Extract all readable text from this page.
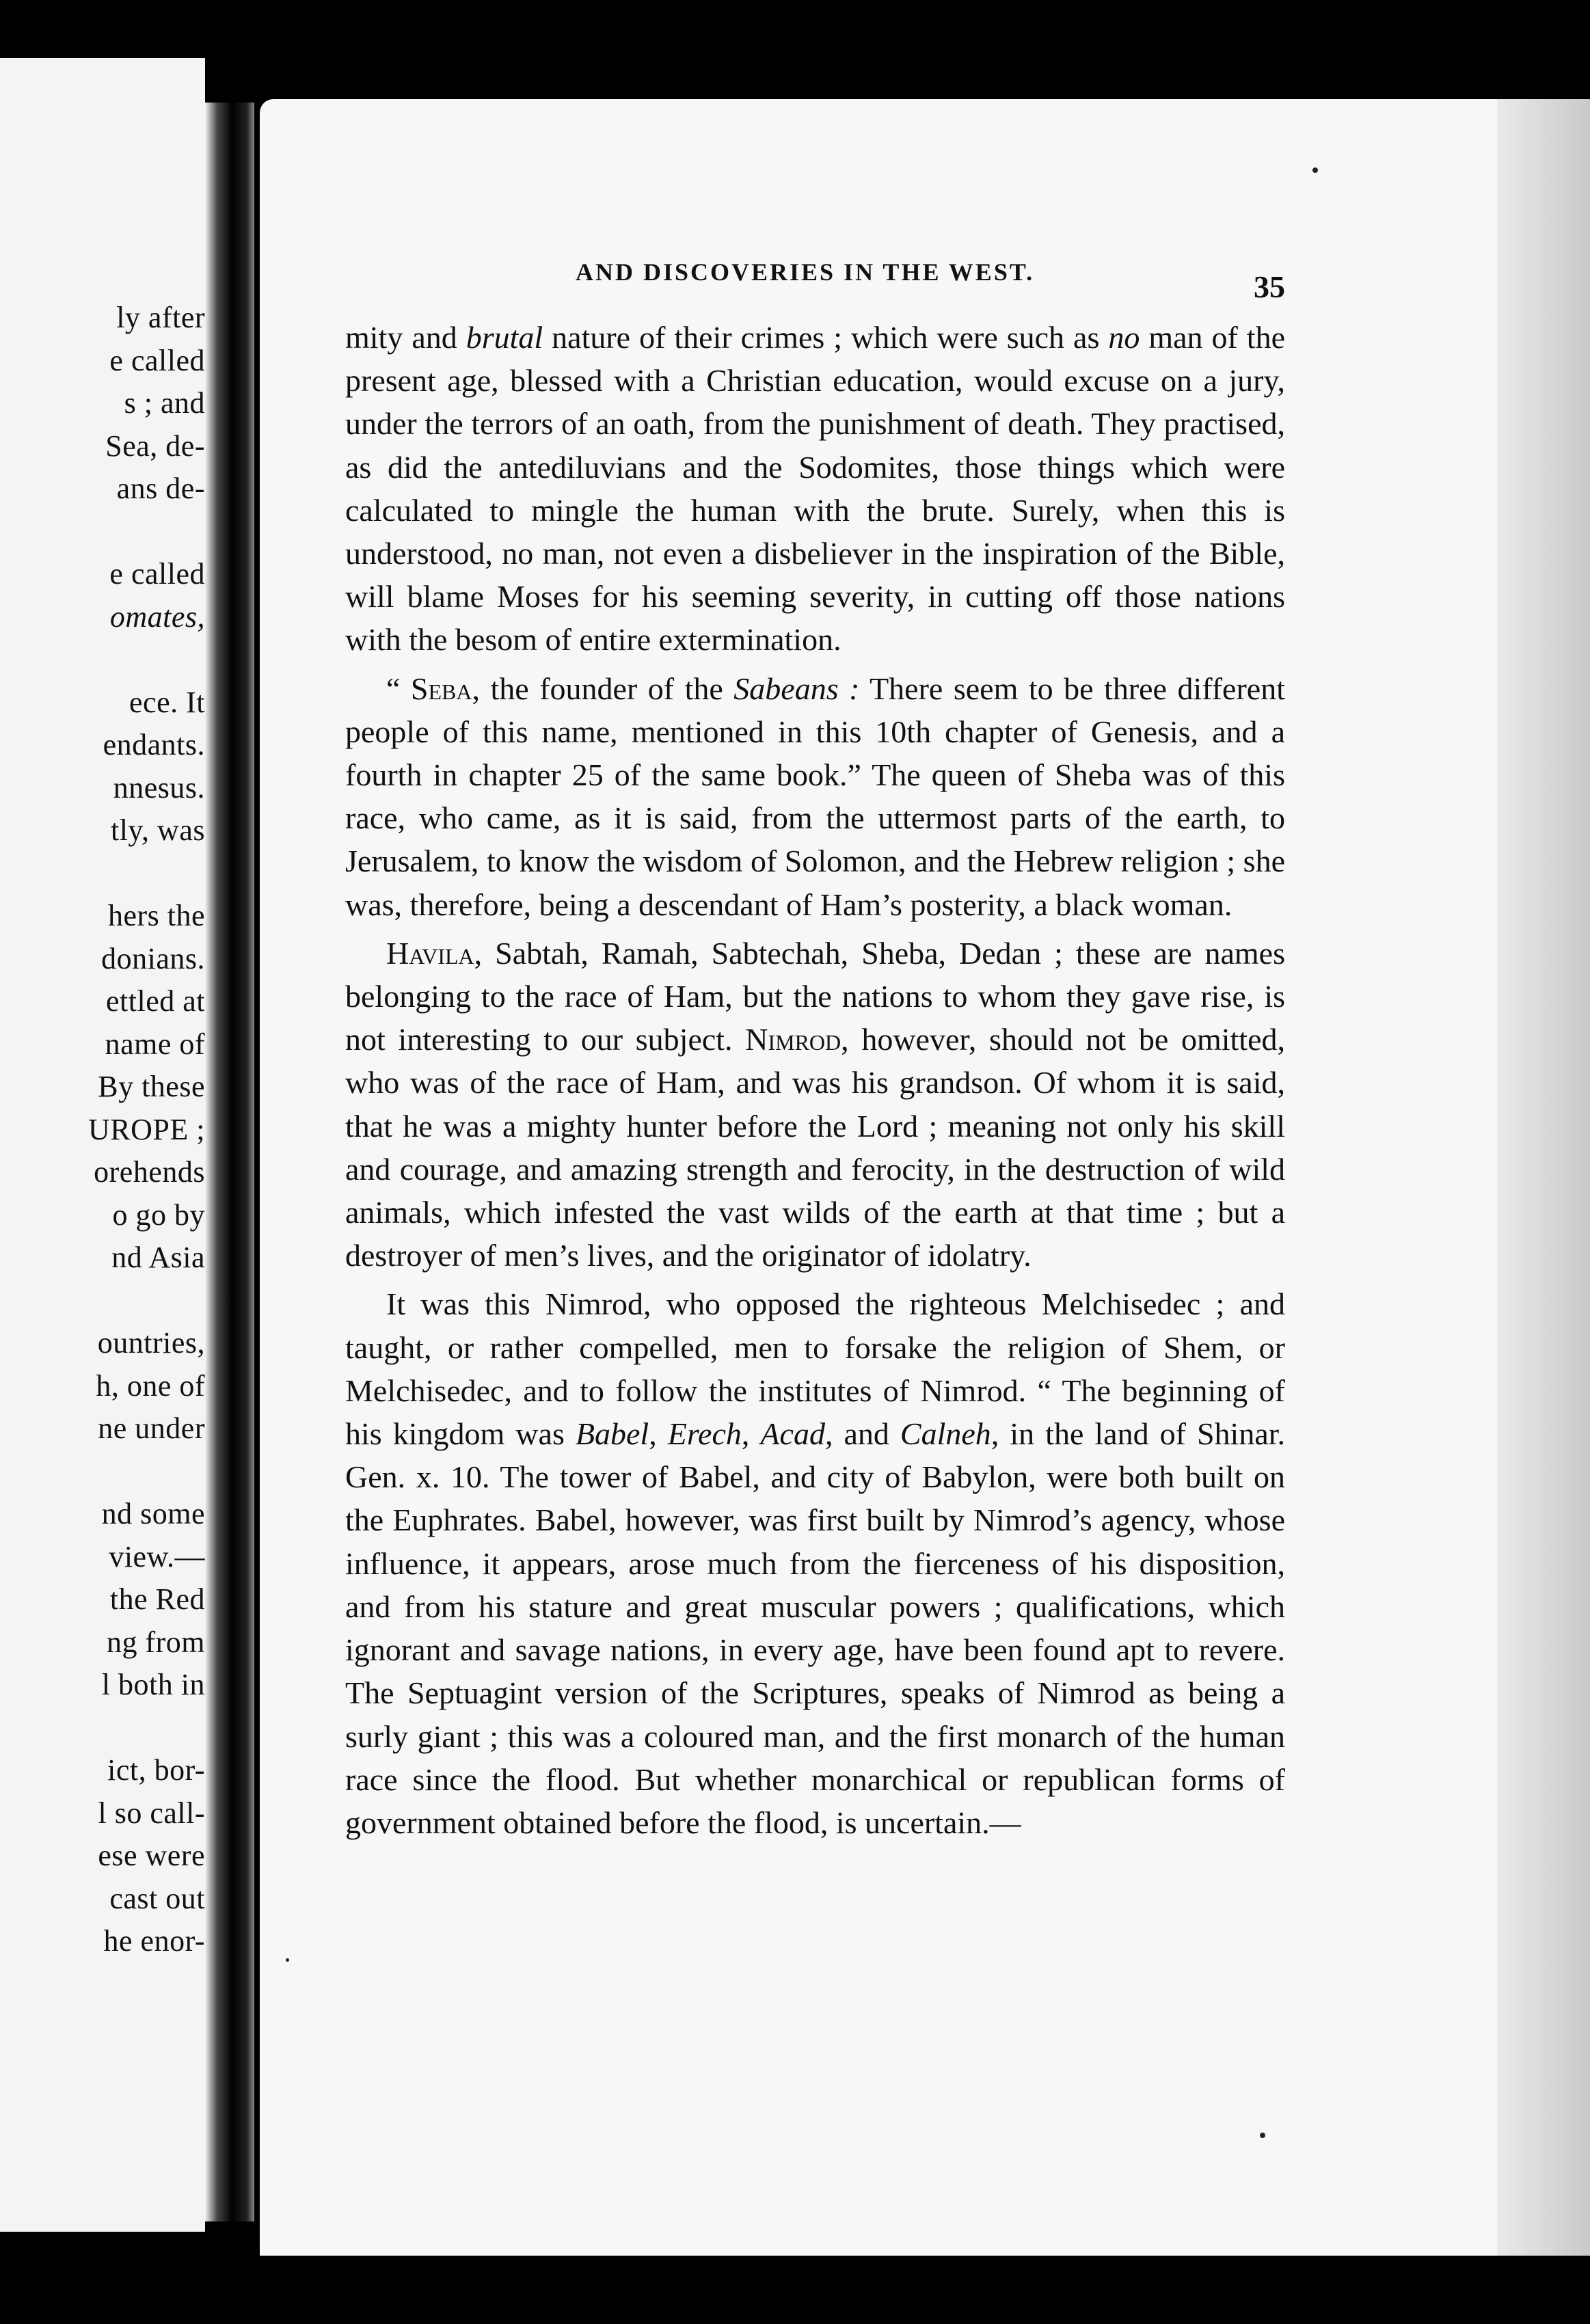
ly after
e called
s ; and
Sea, de-
ans de-
e called
omates,
ece. It
endants.
nnesus.
tly, was
hers the
donians.
ettled at
name of
By these
UROPE ;
orehends
o go by
nd Asia
ountries,
h, one of
ne under
nd some
view.—
the Red
ng from
l both in
ict, bor-
l so call-
ese were
cast out
he enor-
AND DISCOVERIES IN THE WEST.	35

mity and brutal nature of their crimes ; which were such as no man of the present age, blessed with a Christian education, would excuse on a jury, under the terrors of an oath, from the punishment of death. They practised, as did the antediluvians and the Sodomites, those things which were calculated to mingle the human with the brute. Surely, when this is understood, no man, not even a disbeliever in the inspiration of the Bible, will blame Moses for his seeming severity, in cutting off those nations with the besom of entire extermination.

“ Seba, the founder of the Sabeans : There seem to be three different people of this name, mentioned in this 10th chapter of Genesis, and a fourth in chapter 25 of the same book.” The queen of Sheba was of this race, who came, as it is said, from the uttermost parts of the earth, to Jerusalem, to know the wisdom of Solomon, and the Hebrew religion ; she was, therefore, being a descendant of Ham’s posterity, a black woman.

Havila, Sabtah, Ramah, Sabtechah, Sheba, Dedan ; these are names belonging to the race of Ham, but the nations to whom they gave rise, is not interesting to our subject. Nimrod, however, should not be omitted, who was of the race of Ham, and was his grandson. Of whom it is said, that he was a mighty hunter before the Lord ; meaning not only his skill and courage, and amazing strength and ferocity, in the destruction of wild animals, which infested the vast wilds of the earth at that time ; but a destroyer of men’s lives, and the originator of idolatry.

It was this Nimrod, who opposed the righteous Melchisedec ; and taught, or rather compelled, men to forsake the religion of Shem, or Melchisedec, and to follow the institutes of Nimrod. “ The beginning of his kingdom was Babel, Erech, Acad, and Calneh, in the land of Shinar. Gen. x. 10. The tower of Babel, and city of Babylon, were both built on the Euphrates. Babel, however, was first built by Nimrod’s agency, whose influence, it appears, arose much from the fierceness of his disposition, and from his stature and great muscular powers ; qualifications, which ignorant and savage nations, in every age, have been found apt to revere. The Septuagint version of the Scriptures, speaks of Nimrod as being a surly giant ; this was a coloured man, and the first monarch of the human race since the flood. But whether monarchical or republican forms of government obtained before the flood, is uncertain.—
